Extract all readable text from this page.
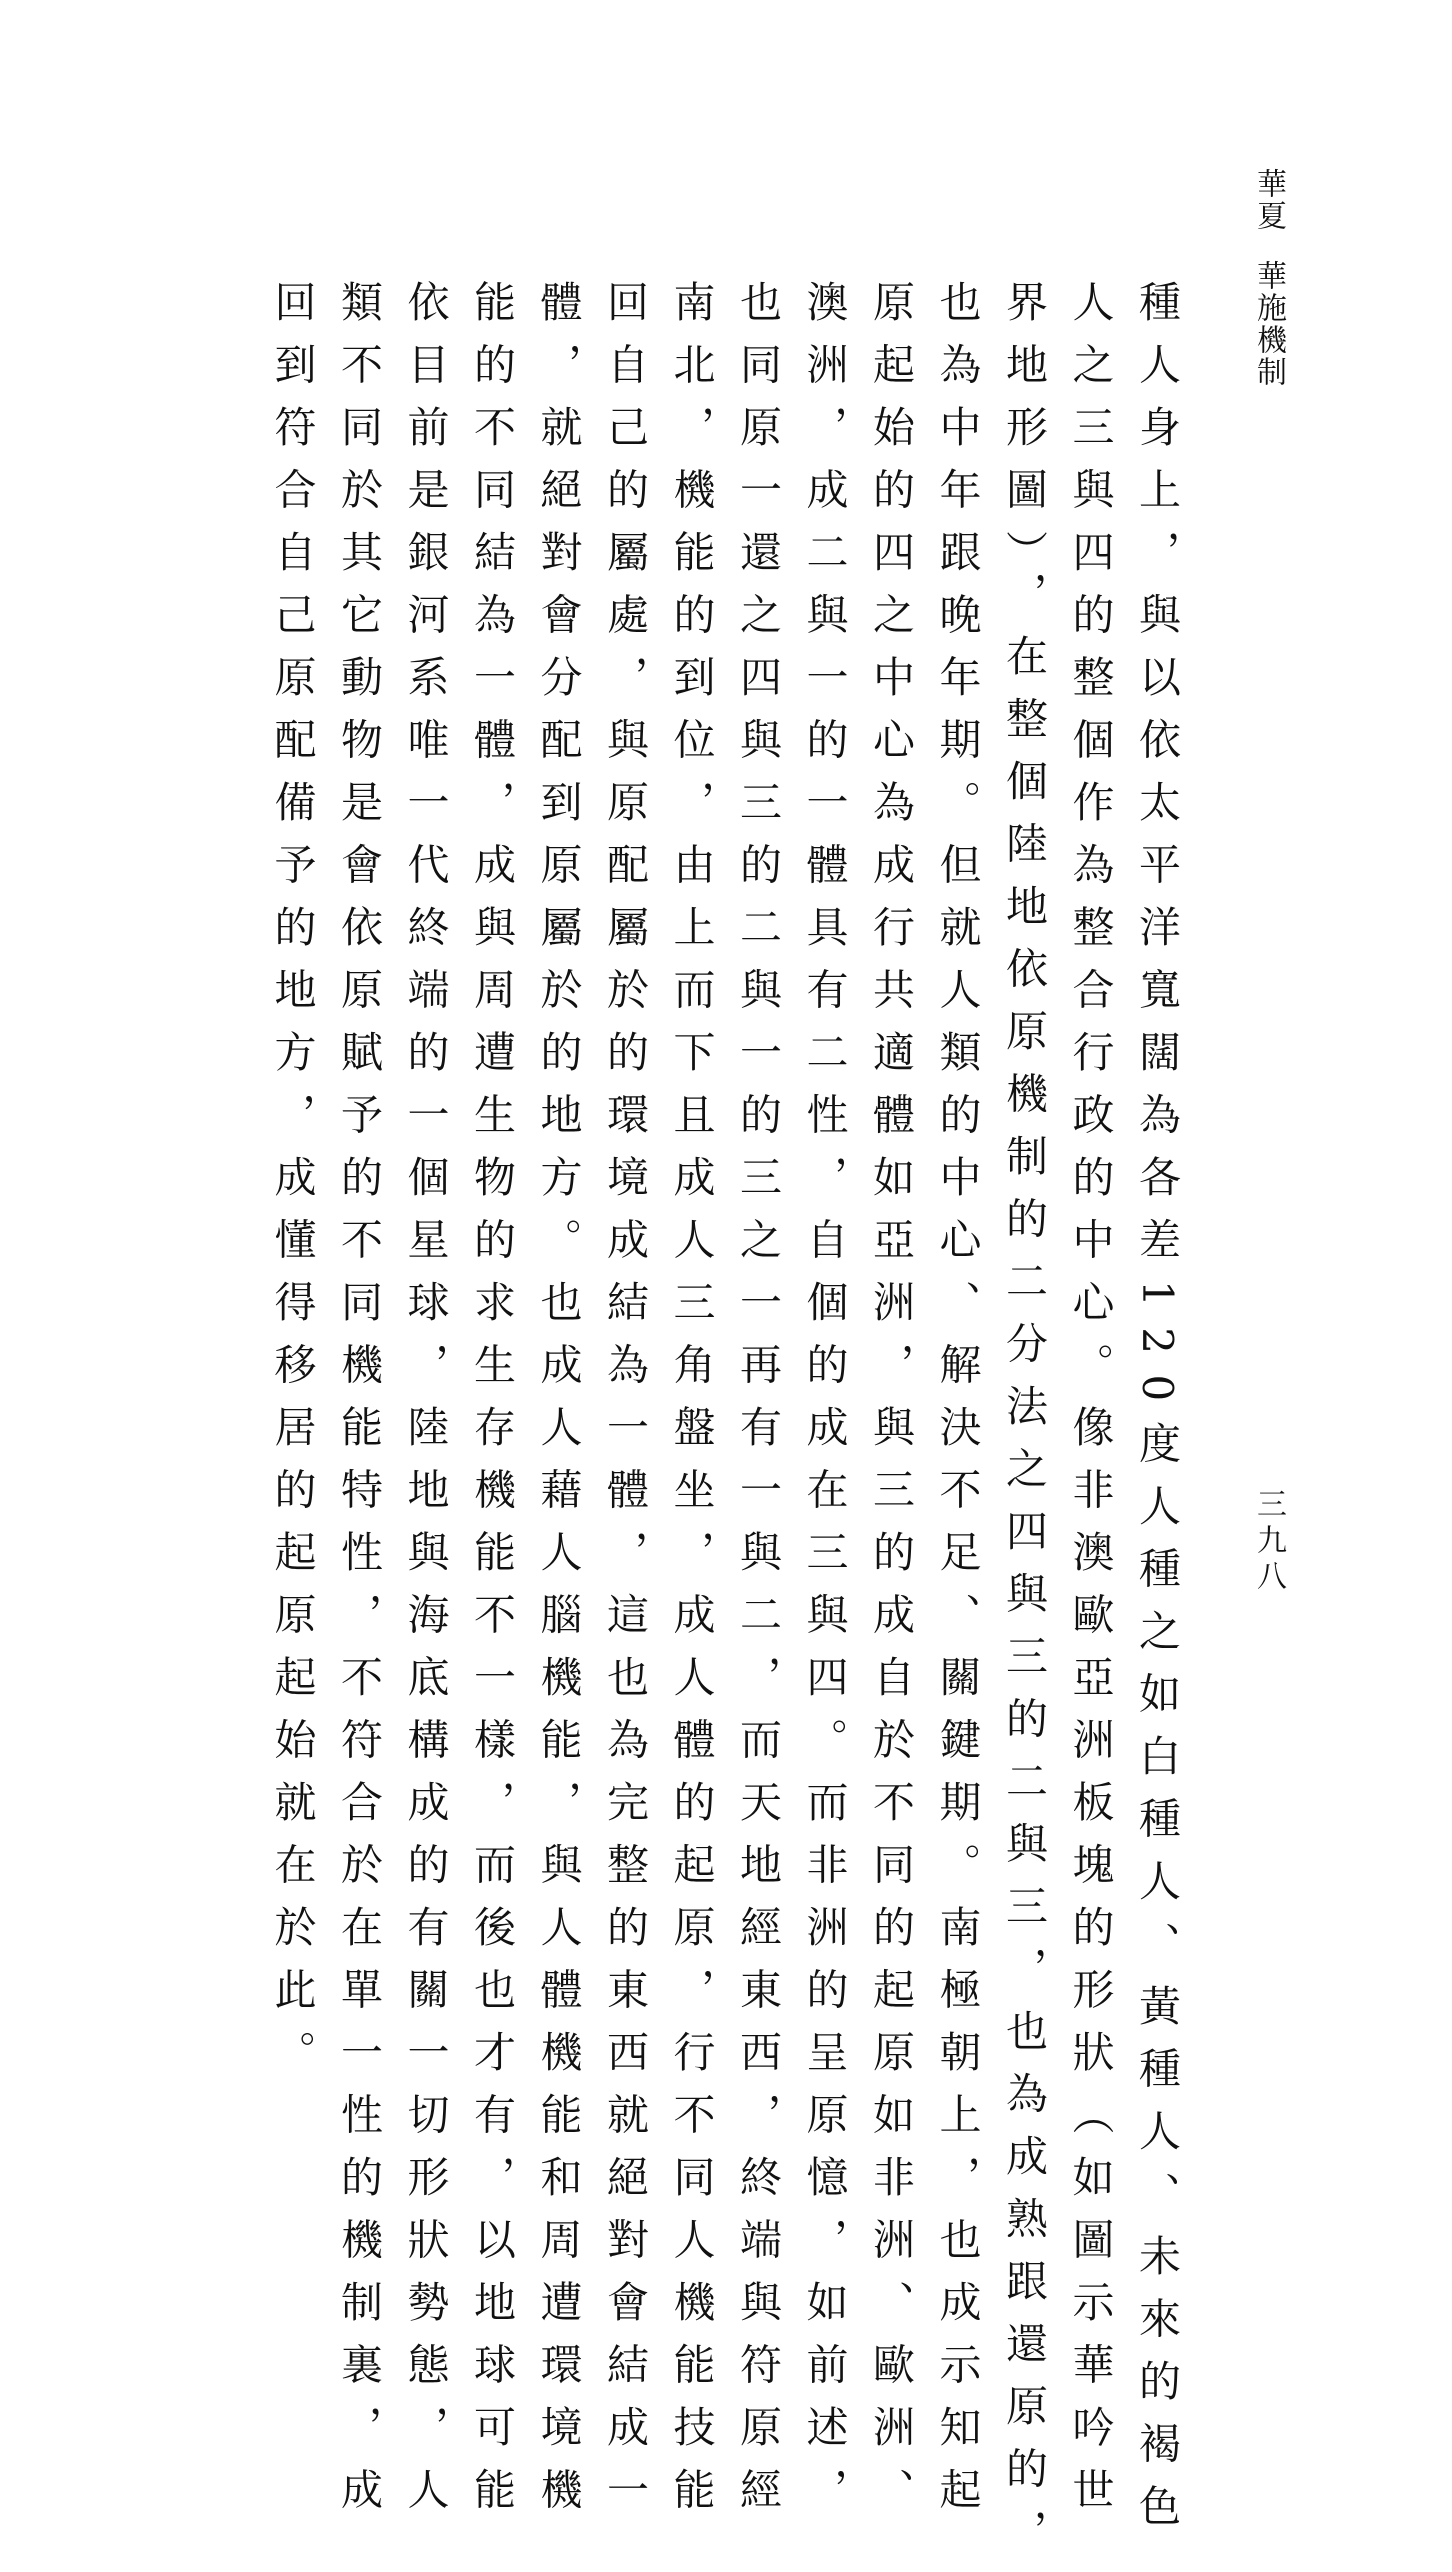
華夏華施機制
三九八
種人身上，與以依太平洋寬闊為各差120度人種之如白種人、黃種人、未來的褐色
人之三與四的整個作為整合行政的中心。像非澳歐亞洲板塊的形狀（如圖示華吟世
界地形圖），在整個陸地依原機制的二分法之四與三的二與三，也為成熟跟還原的，
也為中年跟晚年期。但就人類的中心、解決不足、關鍵期。南極朝上，也成示知起
原起始的四之中心為成行共適體如亞洲，與三的成自於不同的起原如非洲、歐洲、
澳洲，成二與一的一體具有二性，自個的成在三與四。而非洲的呈原憶，如前述，
也同原一還之四與三的二與一的三之一再有一與二，而天地經東西，終端與符原經
南北，機能的到位，由上而下且成人三角盤坐，成人體的起原，行不同人機能技能
回自己的屬處，與原配屬於的環境成結為一體，這也為完整的東西就絕對會結成一
體，就絕對會分配到原屬於的地方。也成人藉人腦機能，與人體機能和周遭環境機
能的不同結為一體，成與周遭生物的求生存機能不一樣，而後也才有，以地球可能
依目前是銀河系唯一代終端的一個星球，陸地與海底構成的有關一切形狀勢態，人
類不同於其它動物是會依原賦予的不同機能特性，不符合於在單一性的機制裏，成
回到符合自己原配備予的地方，成懂得移居的起原起始就在於此。
